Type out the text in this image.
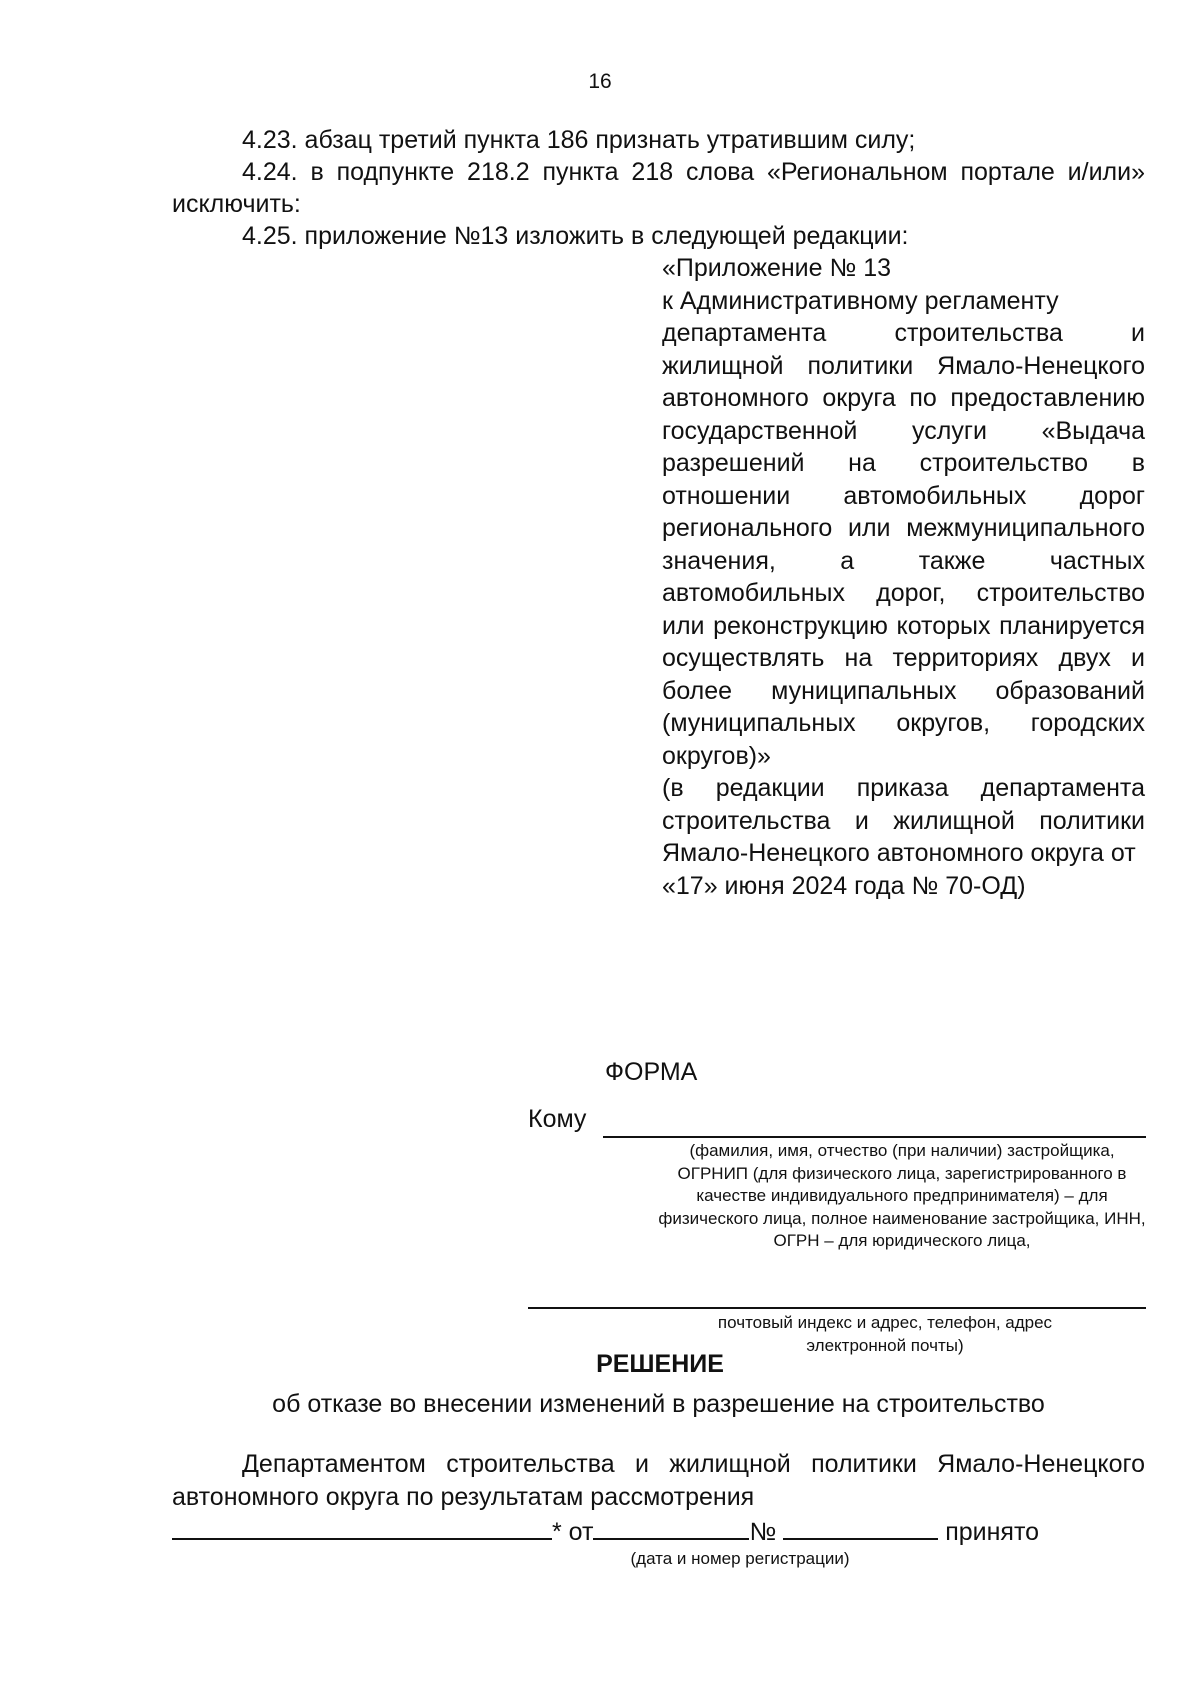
16
4.23. абзац третий пункта 186 признать утратившим силу;
4.24. в подпункте 218.2 пункта 218 слова «Региональном портале и/или» исключить:
4.25. приложение №13 изложить в следующей редакции:
«Приложение № 13
к Административному регламенту
департамента строительства и жилищной политики Ямало-Ненецкого автономного округа по предоставлению государственной услуги «Выдача разрешений на строительство в отношении автомобильных дорог регионального или межмуниципального значения, а также частных автомобильных дорог, строительство или реконструкцию которых планируется осуществлять на территориях двух и более муниципальных образований (муниципальных округов, городских округов)»
(в редакции приказа департамента строительства и жилищной политики Ямало-Ненецкого автономного округа от
«17» июня 2024 года № 70-ОД)
ФОРМА
Кому
(фамилия, имя, отчество (при наличии) застройщика, ОГРНИП (для физического лица, зарегистрированного в качестве индивидуального предпринимателя) – для физического лица, полное наименование застройщика, ИНН, ОГРН – для юридического лица,
почтовый индекс и адрес, телефон, адрес электронной почты)
РЕШЕНИЕ
об отказе во внесении изменений в разрешение на строительство
Департаментом строительства и жилищной политики Ямало-Ненецкого автономного округа по результатам рассмотрения
* от	№	принято
(дата и номер регистрации)
